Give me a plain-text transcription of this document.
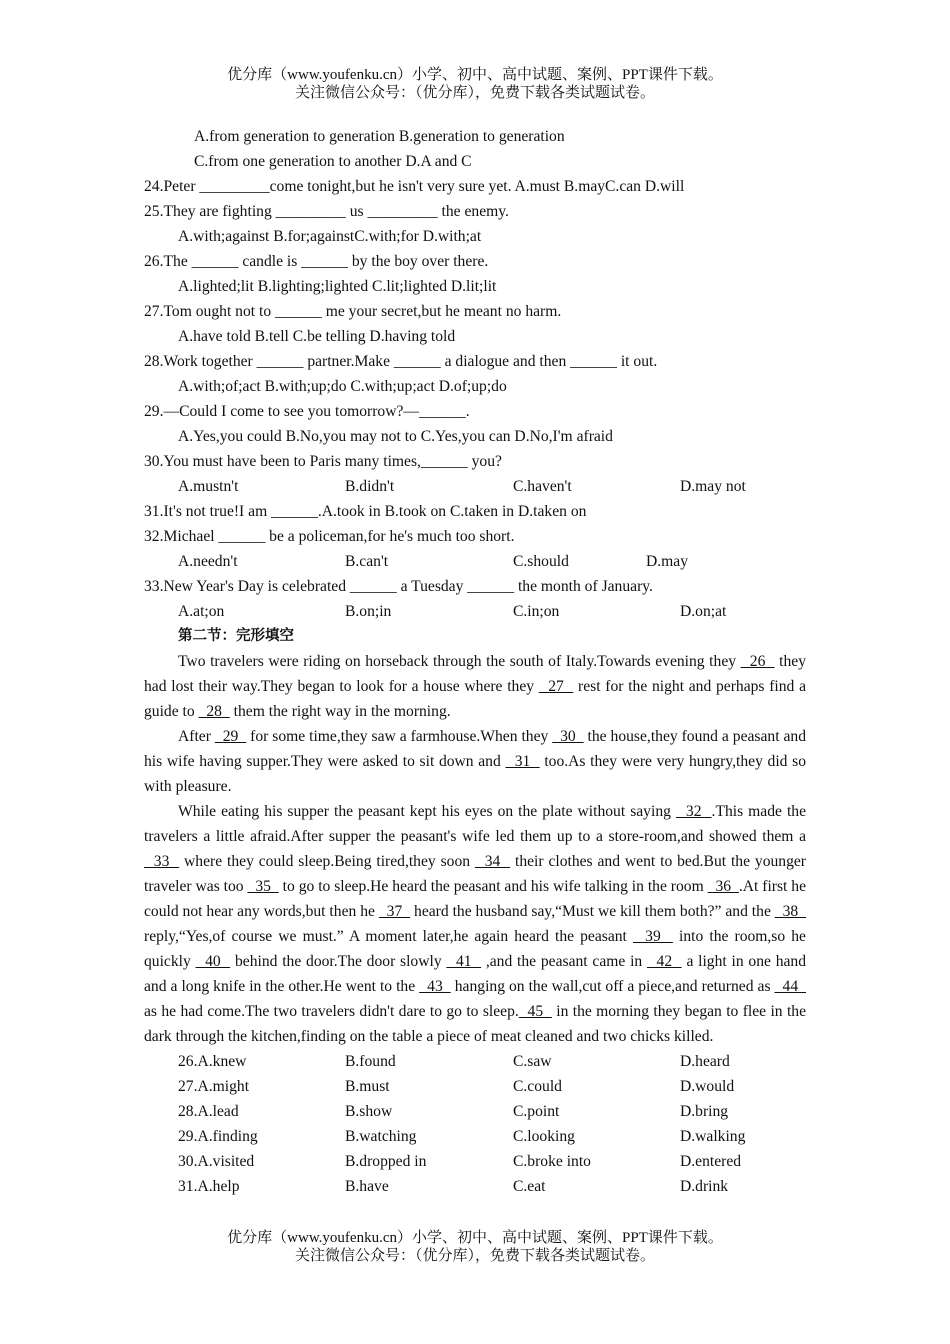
优分库（www.youfenku.cn）小学、初中、高中试题、案例、PPT课件下载。
关注微信公众号：（优分库），免费下载各类试题试卷。
A.from generation to generation B.generation to generation
C.from one generation to another D.A and C
24.Peter _________come tonight,but he isn't very sure yet. A.must B.mayC.can D.will
25.They are fighting _________ us _________ the enemy.
A.with;against B.for;againstC.with;for D.with;at
26.The ______ candle is ______ by the boy over there.
A.lighted;lit B.lighting;lighted C.lit;lighted D.lit;lit
27.Tom ought not to ______ me your secret,but he meant no harm.
A.have told B.tell C.be telling D.having told
28.Work together ______ partner.Make ______ a dialogue and then ______ it out.
A.with;of;act B.with;up;do C.with;up;act D.of;up;do
29.—Could I come to see you tomorrow?—______.
A.Yes,you could B.No,you may not to C.Yes,you can D.No,I'm afraid
30.You must have been to Paris many times,______ you?
A.mustn't	B.didn't	C.haven't	D.may not
31.It's not true!I am ______.A.took in B.took on C.taken in D.taken on
32.Michael ______ be a policeman,for he's much too short.
A.needn't	B.can't	C.should	D.may
33.New Year's Day is celebrated ______ a Tuesday ______ the month of January.
A.at;on	B.on;in	C.in;on	D.on;at
第二节：完形填空
Two travelers were riding on horseback through the south of Italy.Towards evening they   26   they had lost their way.They began to look for a house where they   27   rest for the night and perhaps find a guide to   28   them the right way in the morning.
After   29   for some time,they saw a farmhouse.When they   30   the house,they found a peasant and his wife having supper.They were asked to sit down and   31   too.As they were very hungry,they did so with pleasure.
While eating his supper the peasant kept his eyes on the plate without saying   32  .This made the travelers a little afraid.After supper the peasant's wife led them up to a store-room,and showed them a   33   where they could sleep.Being tired,they soon   34   their clothes and went to bed.But the younger traveler was too   35   to go to sleep.He heard the peasant and his wife talking in the room   36  .At first he could not hear any words,but then he   37   heard the husband say,“Must we kill them both?” and the   38   reply,“Yes,of course we must.” A moment later,he again heard the peasant   39   into the room,so he quickly   40   behind the door.The door slowly   41   ,and the peasant came in   42   a light in one hand and a long knife in the other.He went to the   43   hanging on the wall,cut off a piece,and returned as   44   as he had come.The two travelers didn't dare to go to sleep.  45   in the morning they began to flee in the dark through the kitchen,finding on the table a piece of meat cleaned and two chicks killed.
26.A.knew	B.found	C.saw	D.heard
27.A.might	B.must	C.could	D.would
28.A.lead	B.show	C.point	D.bring
29.A.finding	B.watching	C.looking	D.walking
30.A.visited	B.dropped in	C.broke into	D.entered
31.A.help	B.have	C.eat	D.drink
优分库（www.youfenku.cn）小学、初中、高中试题、案例、PPT课件下载。
关注微信公众号：（优分库），免费下载各类试题试卷。
